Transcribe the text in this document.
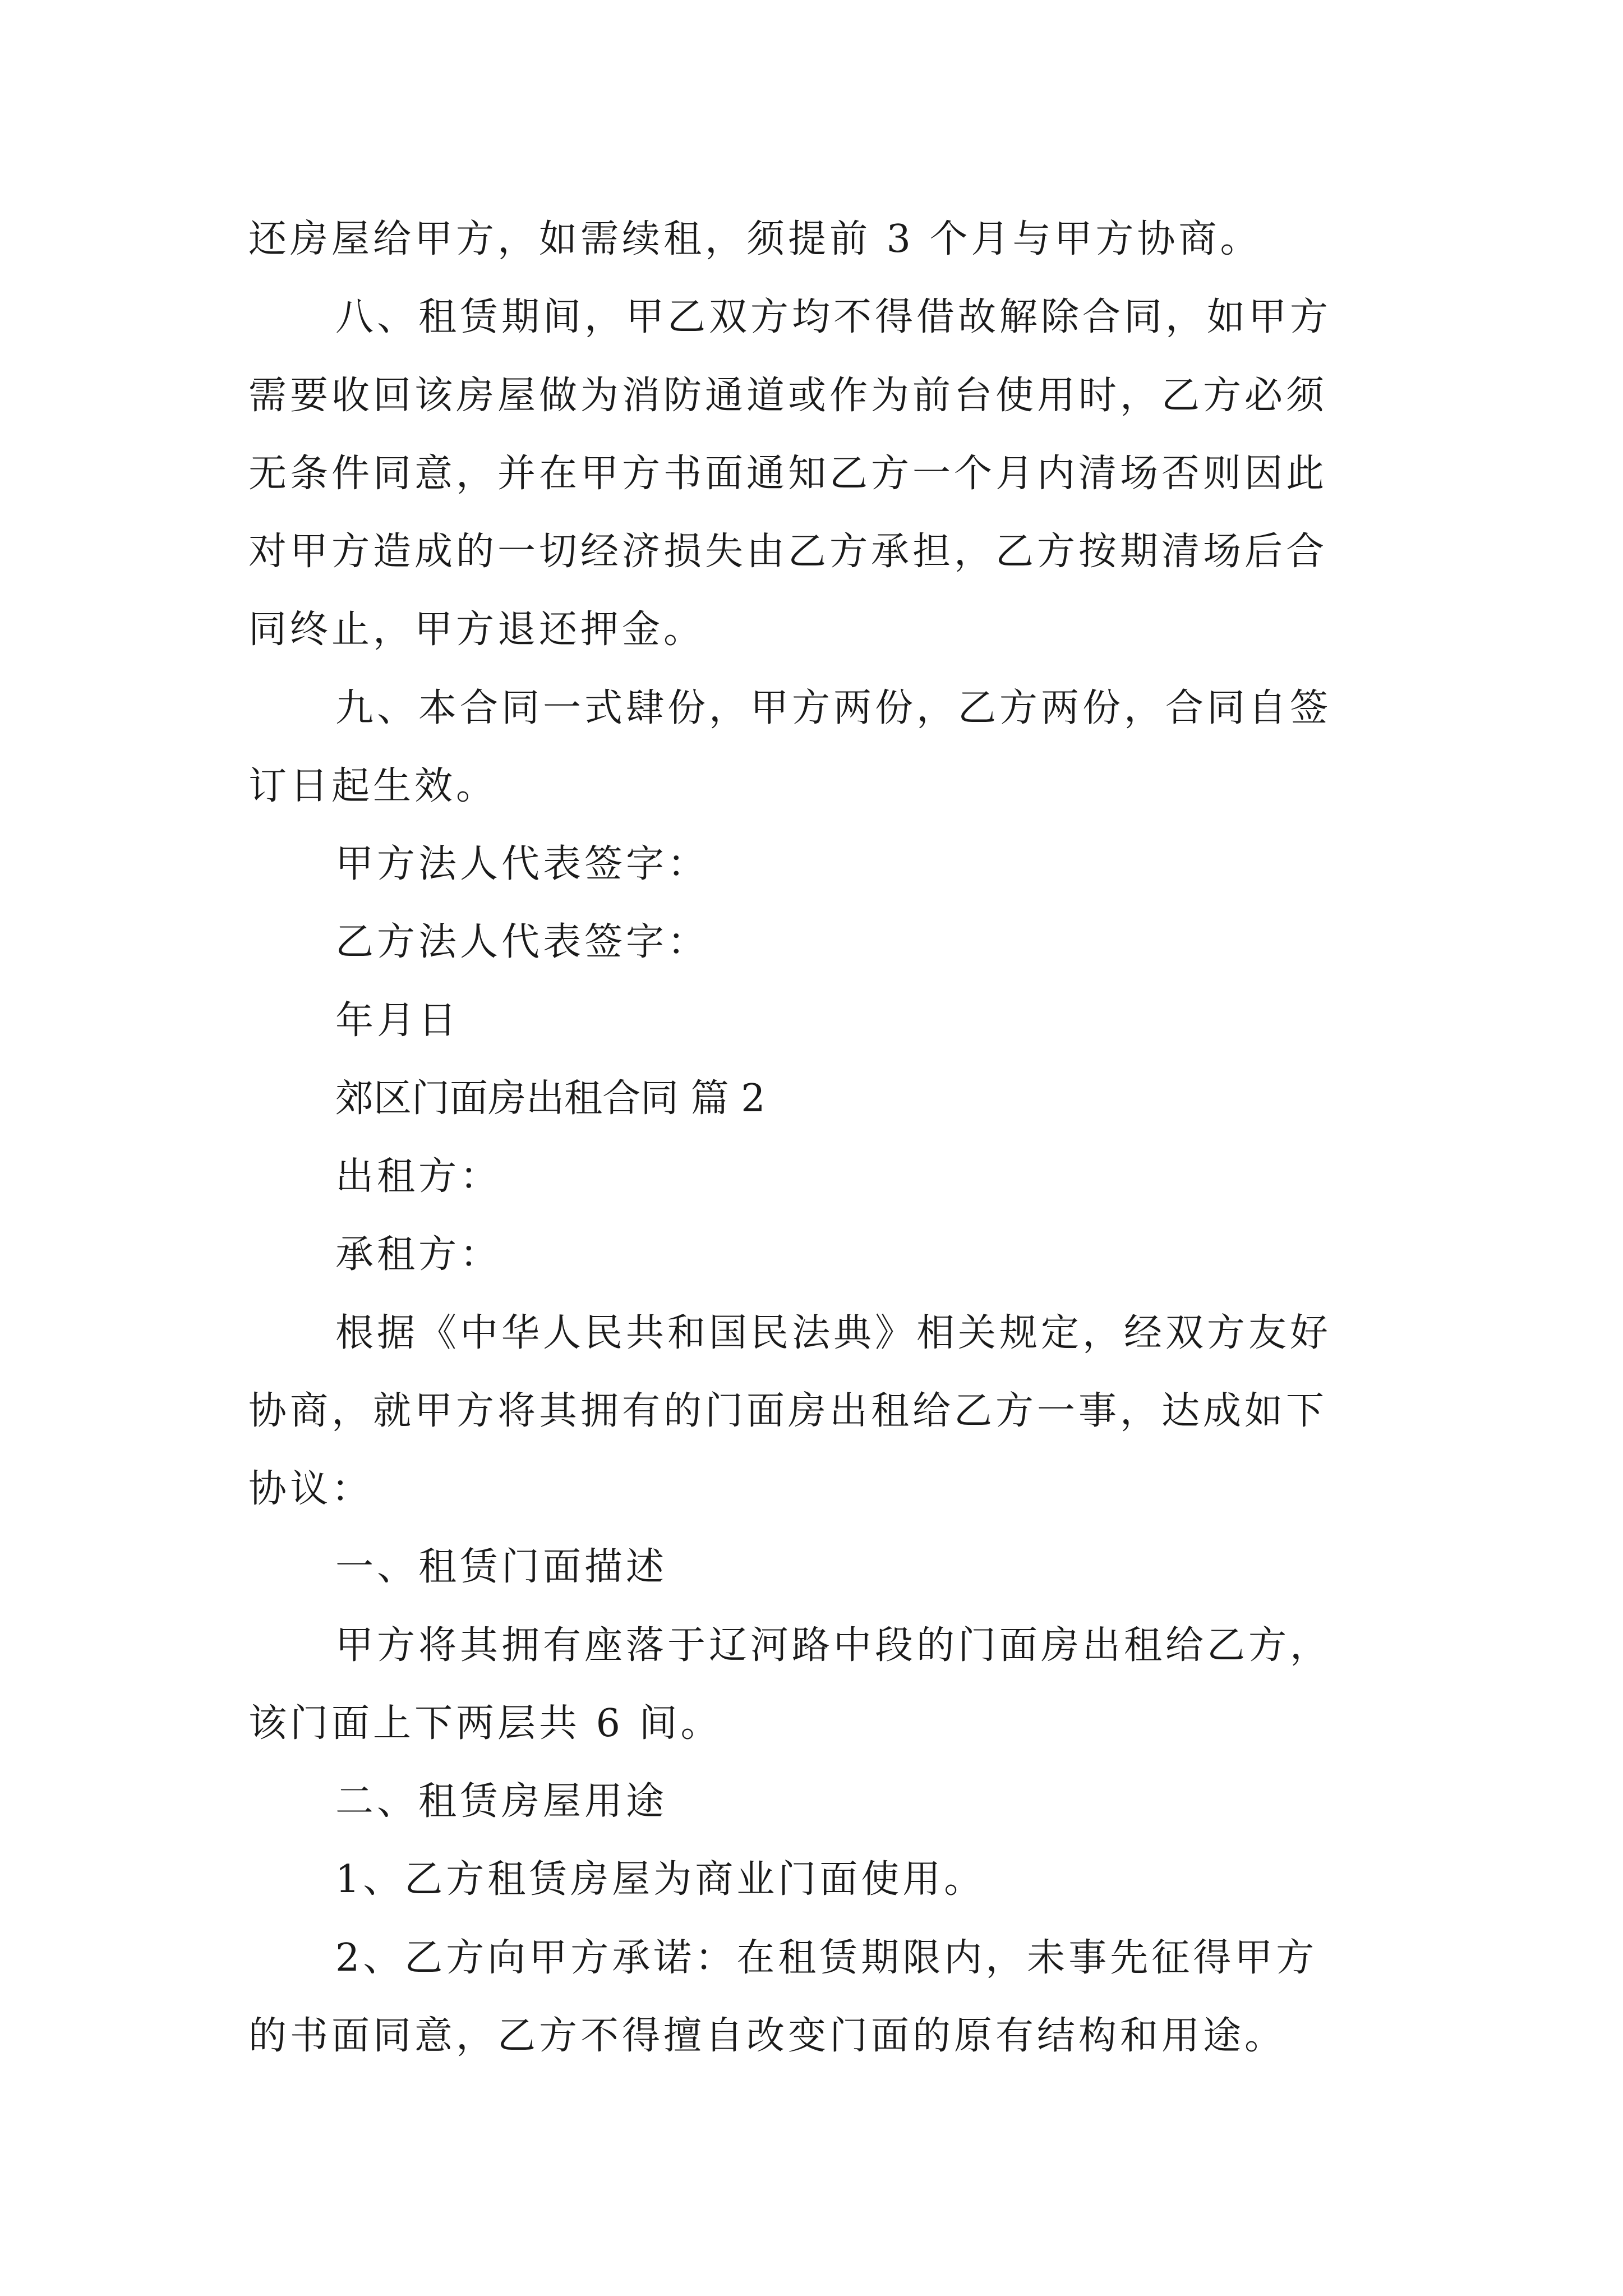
还房屋给甲方，如需续租，须提前 3 个月与甲方协商。

八、租赁期间，甲乙双方均不得借故解除合同，如甲方

需要收回该房屋做为消防通道或作为前台使用时，乙方必须

无条件同意，并在甲方书面通知乙方一个月内清场否则因此

对甲方造成的一切经济损失由乙方承担，乙方按期清场后合

同终止，甲方退还押金。

九、本合同一式肆份，甲方两份，乙方两份，合同自签

订日起生效。

甲方法人代表签字：

乙方法人代表签字：

年月日

郊区门面房出租合同 篇 2

出租方：

承租方：

根据《中华人民共和国民法典》相关规定，经双方友好

协商，就甲方将其拥有的门面房出租给乙方一事，达成如下

协议：

一、租赁门面描述

甲方将其拥有座落于辽河路中段的门面房出租给乙方，

该门面上下两层共 6 间。

二、租赁房屋用途

1、乙方租赁房屋为商业门面使用。

2、乙方向甲方承诺：在租赁期限内，未事先征得甲方

的书面同意，乙方不得擅自改变门面的原有结构和用途。
